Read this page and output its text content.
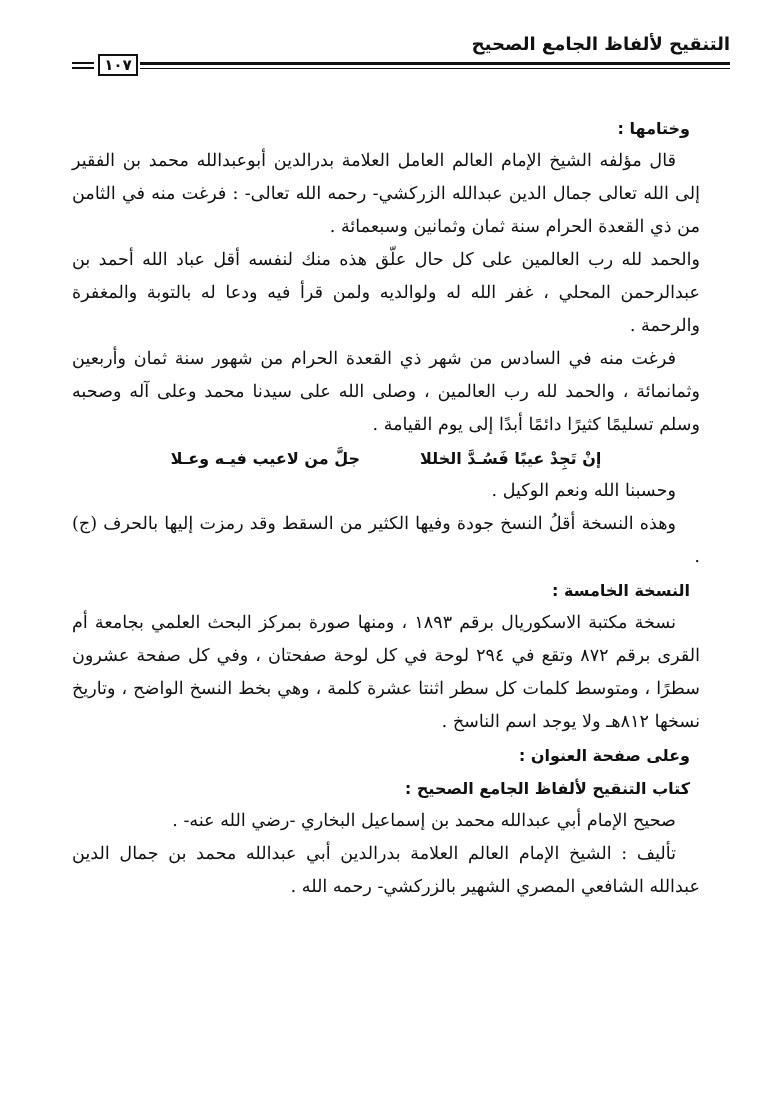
التنقيح لألفاظ الجامع الصحيح
١٠٧

وختامها :

قال مؤلفه الشيخ الإمام العالم العامل العلامة بدرالدين أبوعبدالله محمد بن الفقير إلى الله تعالى جمال الدين عبدالله الزركشي- رحمه الله تعالى- : فرغت منه في الثامن من ذي القعدة الحرام سنة ثمان وثمانين وسبعمائة .

والحمد لله رب العالمين على كل حال علّق هذه منك لنفسه أقل عباد الله أحمد بن عبدالرحمن المحلي ، غفر الله له ولوالديه ولمن قرأ فيه ودعا له بالتوبة والمغفرة والرحمة .

فرغت منه في السادس من شهر ذي القعدة الحرام من شهور سنة ثمان وأربعين وثمانمائة ، والحمد لله رب العالمين ، وصلى الله على سيدنا محمد وعلى آله وصحبه وسلم تسليمًا كثيرًا دائمًا أبدًا إلى يوم القيامة .

إنْ تَجِدْ عيبًا فَسُـدَّ الخللا
جلَّ من لاعيب فيـه وعـلا

وحسبنا الله ونعم الوكيل .

وهذه النسخة أقلُ النسخ جودة وفيها الكثير من السقط وقد رمزت إليها بالحرف (ج) .

النسخة الخامسة :

نسخة مكتبة الاسكوريال برقم ١٨٩٣ ، ومنها صورة بمركز البحث العلمي بجامعة أم القرى برقم ٨٧٢ وتقع في ٢٩٤ لوحة في كل لوحة صفحتان ، وفي كل صفحة عشرون سطرًا ، ومتوسط كلمات كل سطر اثنتا عشرة كلمة ، وهي بخط النسخ الواضح ، وتاريخ نسخها ٨١٢هـ ولا يوجد اسم الناسخ .

وعلى صفحة العنوان :

كتاب التنقيح لألفاظ الجامع الصحيح :

صحيح الإمام أبي عبدالله محمد بن إسماعيل البخاري -رضي الله عنه- .

تأليف : الشيخ الإمام العالم العلامة بدرالدين أبي عبدالله محمد بن جمال الدين عبدالله الشافعي المصري الشهير بالزركشي- رحمه الله .
